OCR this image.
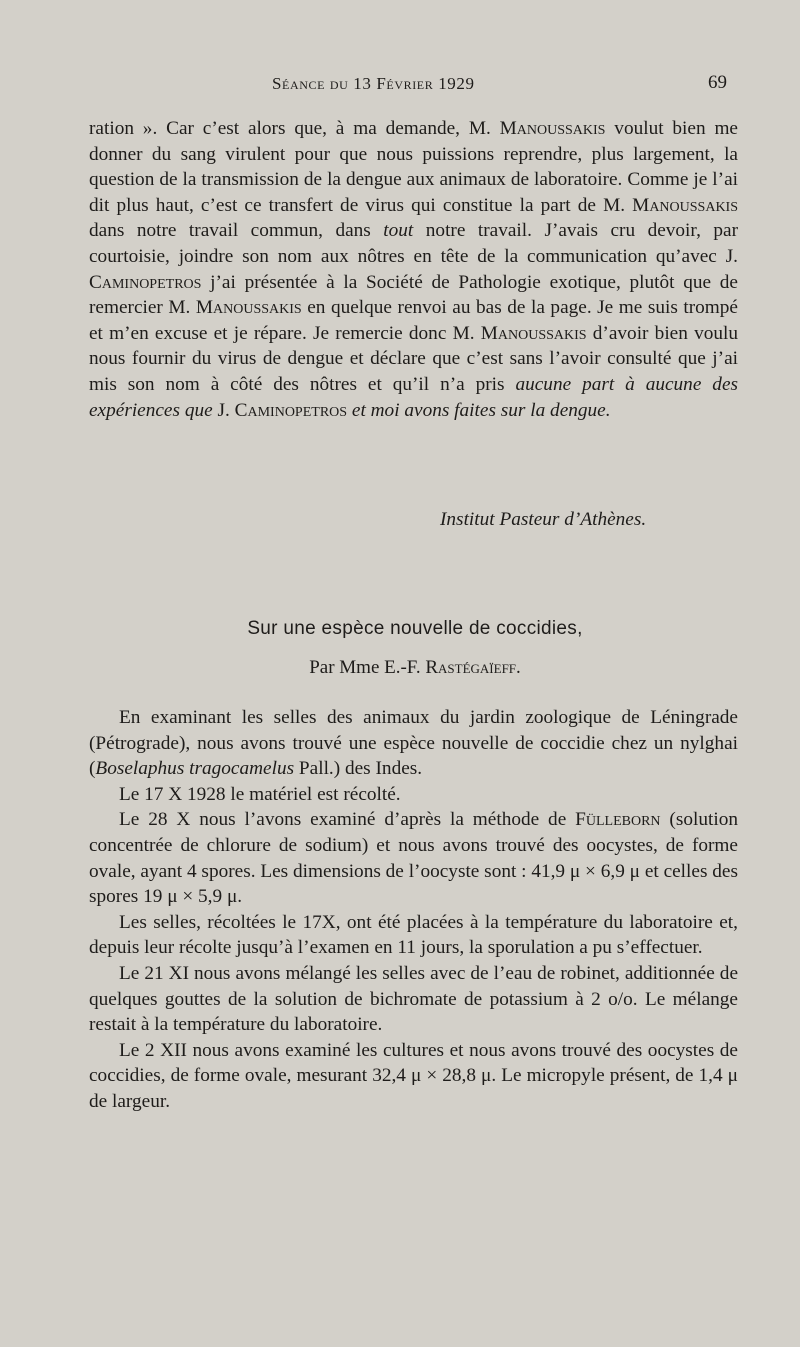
Séance du 13 Février 1929	69

ration ». Car c’est alors que, à ma demande, M. Manoussakis voulut bien me donner du sang virulent pour que nous puissions reprendre, plus largement, la question de la transmission de la dengue aux animaux de laboratoire. Comme je l’ai dit plus haut, c’est ce transfert de virus qui constitue la part de M. Manoussakis dans notre travail commun, dans tout notre travail. J’avais cru devoir, par courtoisie, joindre son nom aux nôtres en tête de la communication qu’avec J. Caminopetros j’ai présentée à la Société de Pathologie exotique, plutôt que de remercier M. Manoussakis en quelque renvoi au bas de la page. Je me suis trompé et m’en excuse et je répare. Je remercie donc M. Manoussakis d’avoir bien voulu nous fournir du virus de dengue et déclare que c’est sans l’avoir consulté que j’ai mis son nom à côté des nôtres et qu’il n’a pris aucune part à aucune des expériences que J. Caminopetros et moi avons faites sur la dengue.

Institut Pasteur d’Athènes.
Sur une espèce nouvelle de coccidies,
Par Mme E.-F. Rastégaïeff.

En examinant les selles des animaux du jardin zoologique de Léningrade (Pétrograde), nous avons trouvé une espèce nouvelle de coccidie chez un nylghai (Boselaphus tragocamelus Pall.) des Indes.

Le 17 X 1928 le matériel est récolté.

Le 28 X nous l’avons examiné d’après la méthode de Fülleborn (solution concentrée de chlorure de sodium) et nous avons trouvé des oocystes, de forme ovale, ayant 4 spores. Les dimensions de l’oocyste sont : 41,9 μ × 6,9 μ et celles des spores 19 μ × 5,9 μ.

Les selles, récoltées le 17X, ont été placées à la température du laboratoire et, depuis leur récolte jusqu’à l’examen en 11 jours, la sporulation a pu s’effectuer.

Le 21 XI nous avons mélangé les selles avec de l’eau de robinet, additionnée de quelques gouttes de la solution de bichromate de potassium à 2 o/o. Le mélange restait à la température du laboratoire.

Le 2 XII nous avons examiné les cultures et nous avons trouvé des oocystes de coccidies, de forme ovale, mesurant 32,4 μ × 28,8 μ. Le micropyle présent, de 1,4 μ de largeur.
